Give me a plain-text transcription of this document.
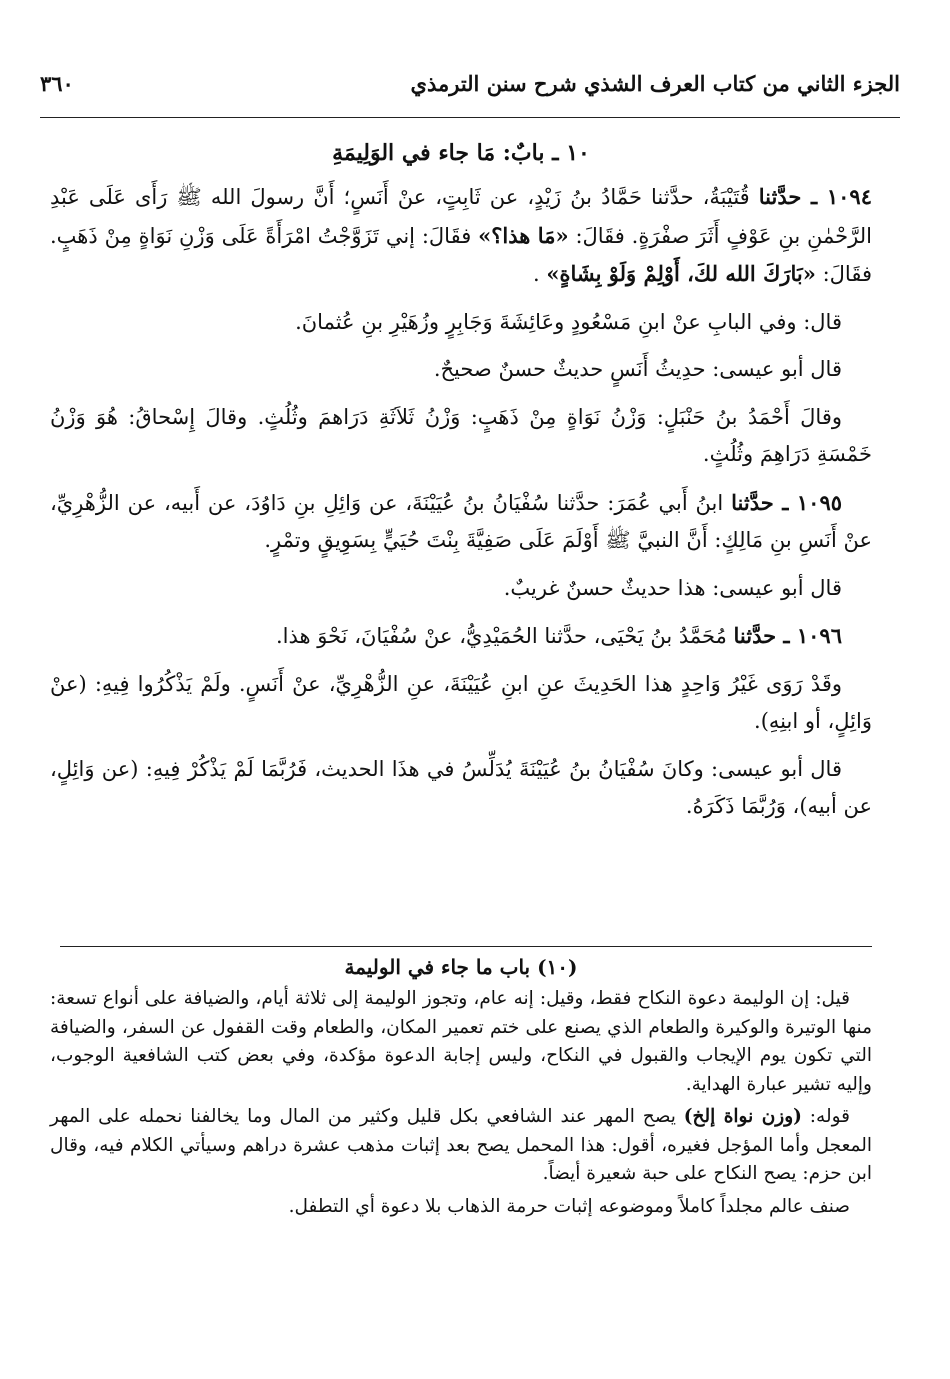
الجزء الثاني من كتاب العرف الشذي شرح سنن الترمذي
٣٦٠
١٠ ـ بابٌ: مَا جاء في الوَلِيمَةِ

١٠٩٤ ـ حدَّثنا قُتَيْبَةُ، حدَّثنا حَمَّادُ بنُ زَيْدٍ، عن ثَابِتٍ، عنْ أَنَسٍ؛ أَنَّ رسولَ الله ﷺ رَأَى عَلَى عَبْدِ الرَّحْمٰنِ بنِ عَوْفٍ أَثَرَ صفْرَةٍ. فقَالَ: «مَا هذا؟» فقَالَ: إني تَزَوَّجْتُ امْرَأَةً عَلَى وَزْنِ نَوَاةٍ مِنْ ذَهَبٍ. فقَالَ: «بَارَكَ الله لكَ، أَوْلِمْ وَلَوْ بِشَاةٍ» .

قال: وفي البابِ عنْ ابنِ مَسْعُودٍ وعَائِشَةَ وَجَابِرٍ وزُهَيْرِ بنِ عُثمانَ.

قال أبو عيسى: حدِيثُ أَنَسٍ حديثٌ حسنٌ صحيحٌ.

وقالَ أَحْمَدُ بنُ حَنْبَلٍ: وَزْنُ نَوَاةٍ مِنْ ذَهَبٍ: وَزْنُ ثَلاَثَةِ دَرَاهمَ وثُلُثٍ. وقالَ إِسْحاقُ: هُوَ وَزْنُ خَمْسَةِ دَرَاهِمَ وثُلُثٍ.

١٠٩٥ ـ حدَّثنا ابنُ أَبي عُمَرَ: حدَّثنا سُفْيَانُ بنُ عُيَيْنَةَ، عن وَائِلِ بنِ دَاوُدَ، عن أَبيه، عن الزُّهْرِيِّ، عنْ أَنَسِ بنِ مَالِكٍ: أَنَّ النبيَّ ﷺ أَوْلَمَ عَلَى صَفِيَّةَ بِنْتَ حُيَيٍّ بِسَوِيقٍ وتمْرٍ.

قال أبو عيسى: هذا حديثٌ حسنٌ غريبٌ.

١٠٩٦ ـ حدَّثنا مُحَمَّدُ بنُ يَحْيَى، حدَّثنا الحُمَيْدِيُّ، عنْ سُفْيَانَ، نَحْوَ هذا.

وقَدْ رَوَى غَيْرُ وَاحِدٍ هذا الحَدِيثَ عنِ ابنِ عُيَيْنَةَ، عنِ الزُّهْرِيِّ، عنْ أَنَسٍ. ولَمْ يَذْكُرُوا فِيهِ: (عنْ وَائِلٍ، أو ابنِهِ).

قال أبو عيسى: وكانَ سُفْيَانُ بنُ عُيَيْنَةَ يُدَلِّسُ في هذَا الحديث، فَرُبَّمَا لَمْ يَذْكُرْ فِيهِ: (عن وَائِلٍ، عن أبيه)، وَرُبَّمَا ذَكَرَهُ.

(١٠) باب ما جاء في الوليمة

قيل: إن الوليمة دعوة النكاح فقط، وقيل: إنه عام، وتجوز الوليمة إلى ثلاثة أيام، والضيافة على أنواع تسعة: منها الوتيرة والوكيرة والطعام الذي يصنع على ختم تعمير المكان، والطعام وقت القفول عن السفر، والضيافة التي تكون يوم الإيجاب والقبول في النكاح، وليس إجابة الدعوة مؤكدة، وفي بعض كتب الشافعية الوجوب، وإليه تشير عبارة الهداية.

قوله: (وزن نواة إلخ) يصح المهر عند الشافعي بكل قليل وكثير من المال وما يخالفنا نحمله على المهر المعجل وأما المؤجل فغيره، أقول: هذا المحمل يصح بعد إثبات مذهب عشرة دراهم وسيأتي الكلام فيه، وقال ابن حزم: يصح النكاح على حبة شعيرة أيضاً.

صنف عالم مجلداً كاملاً وموضوعه إثبات حرمة الذهاب بلا دعوة أي التطفل.
